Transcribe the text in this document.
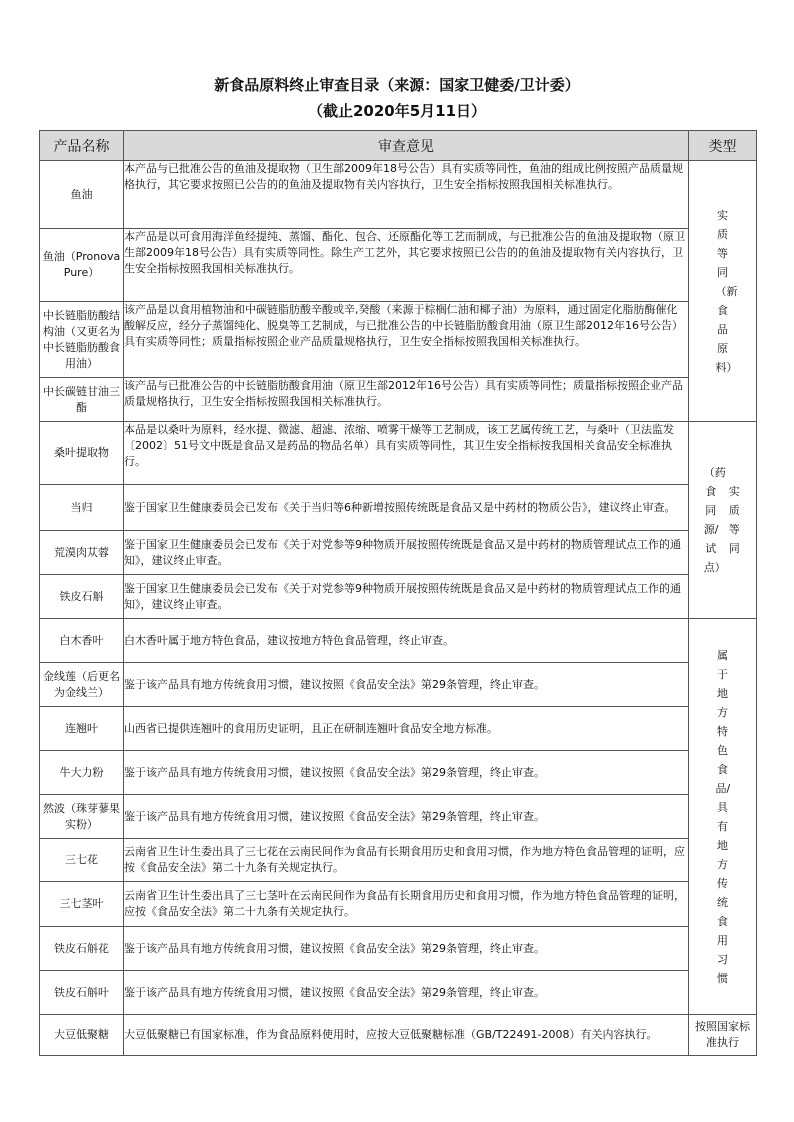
新食品原料终止审查目录（来源：国家卫健委/卫计委）
（截止2020年5月11日）
产品名称	审查意见	类型
鱼油	本产品与已批准公告的鱼油及提取物（卫生部2009年18号公告）具有实质等同性，鱼油的组成比例按照产品质量规格执行，其它要求按照已公告的的鱼油及提取物有关内容执行，卫生安全指标按照我国相关标准执行。	实质等同（新食品原料）
鱼油（PronovaPure）	本产品是以可食用海洋鱼经提纯、蒸馏、酯化、包合、还原酯化等工艺而制成，与已批准公告的鱼油及提取物（原卫生部2009年18号公告）具有实质等同性。除生产工艺外，其它要求按照已公告的的鱼油及提取物有关内容执行，卫生安全指标按照我国相关标准执行。	
中长链脂肪酸结构油（又更名为中长链脂肪酸食用油）	该产品是以食用植物油和中碳链脂肪酸辛酸或辛,癸酸（来源于棕榈仁油和椰子油）为原料，通过固定化脂肪酶催化酸解反应，经分子蒸馏纯化、脱臭等工艺制成，与已批准公告的中长链脂肪酸食用油（原卫生部2012年16号公告）具有实质等同性；质量指标按照企业产品质量规格执行，卫生安全指标按照我国相关标准执行。	
中长碳链甘油三酯	该产品与已批准公告的中长链脂肪酸食用油（原卫生部2012年16号公告）具有实质等同性；质量指标按照企业产品质量规格执行，卫生安全指标按照我国相关标准执行。	
桑叶提取物	本品是以桑叶为原料，经水提、微滤、超滤、浓缩、喷雾干燥等工艺制成，该工艺属传统工艺，与桑叶（卫法监发〔2002〕51号文中既是食品又是药品的物品名单）具有实质等同性，其卫生安全指标按我国相关食品安全标准执行。	（药食同源/试点） 实质等同
当归	鉴于国家卫生健康委员会已发布《关于当归等6种新增按照传统既是食品又是中药材的物质公告》，建议终止审查。	
荒漠肉苁蓉	鉴于国家卫生健康委员会已发布《关于对党参等9种物质开展按照传统既是食品又是中药材的物质管理试点工作的通知》，建议终止审查。	
铁皮石斛	鉴于国家卫生健康委员会已发布《关于对党参等9种物质开展按照传统既是食品又是中药材的物质管理试点工作的通知》，建议终止审查。	
白木香叶	白木香叶属于地方特色食品，建议按地方特色食品管理，终止审查。	属于地方特色食品/具有地方传统食用习惯
金线莲（后更名为金线兰）	鉴于该产品具有地方传统食用习惯，建议按照《食品安全法》第29条管理，终止审查。	
连翘叶	山西省已提供连翘叶的食用历史证明，且正在研制连翘叶食品安全地方标准。	
牛大力粉	鉴于该产品具有地方传统食用习惯，建议按照《食品安全法》第29条管理，终止审查。	
然波（珠芽蓼果实粉）	鉴于该产品具有地方传统食用习惯，建议按照《食品安全法》第29条管理，终止审查。	
三七花	云南省卫生计生委出具了三七花在云南民间作为食品有长期食用历史和食用习惯，作为地方特色食品管理的证明，应按《食品安全法》第二十九条有关规定执行。	
三七茎叶	云南省卫生计生委出具了三七茎叶在云南民间作为食品有长期食用历史和食用习惯，作为地方特色食品管理的证明，应按《食品安全法》第二十九条有关规定执行。	
铁皮石斛花	鉴于该产品具有地方传统食用习惯，建议按照《食品安全法》第29条管理，终止审查。	
铁皮石斛叶	鉴于该产品具有地方传统食用习惯，建议按照《食品安全法》第29条管理，终止审查。	
大豆低聚糖	大豆低聚糖已有国家标准，作为食品原料使用时，应按大豆低聚糖标准（GB/T22491-2008）有关内容执行。	按照国家标准执行
